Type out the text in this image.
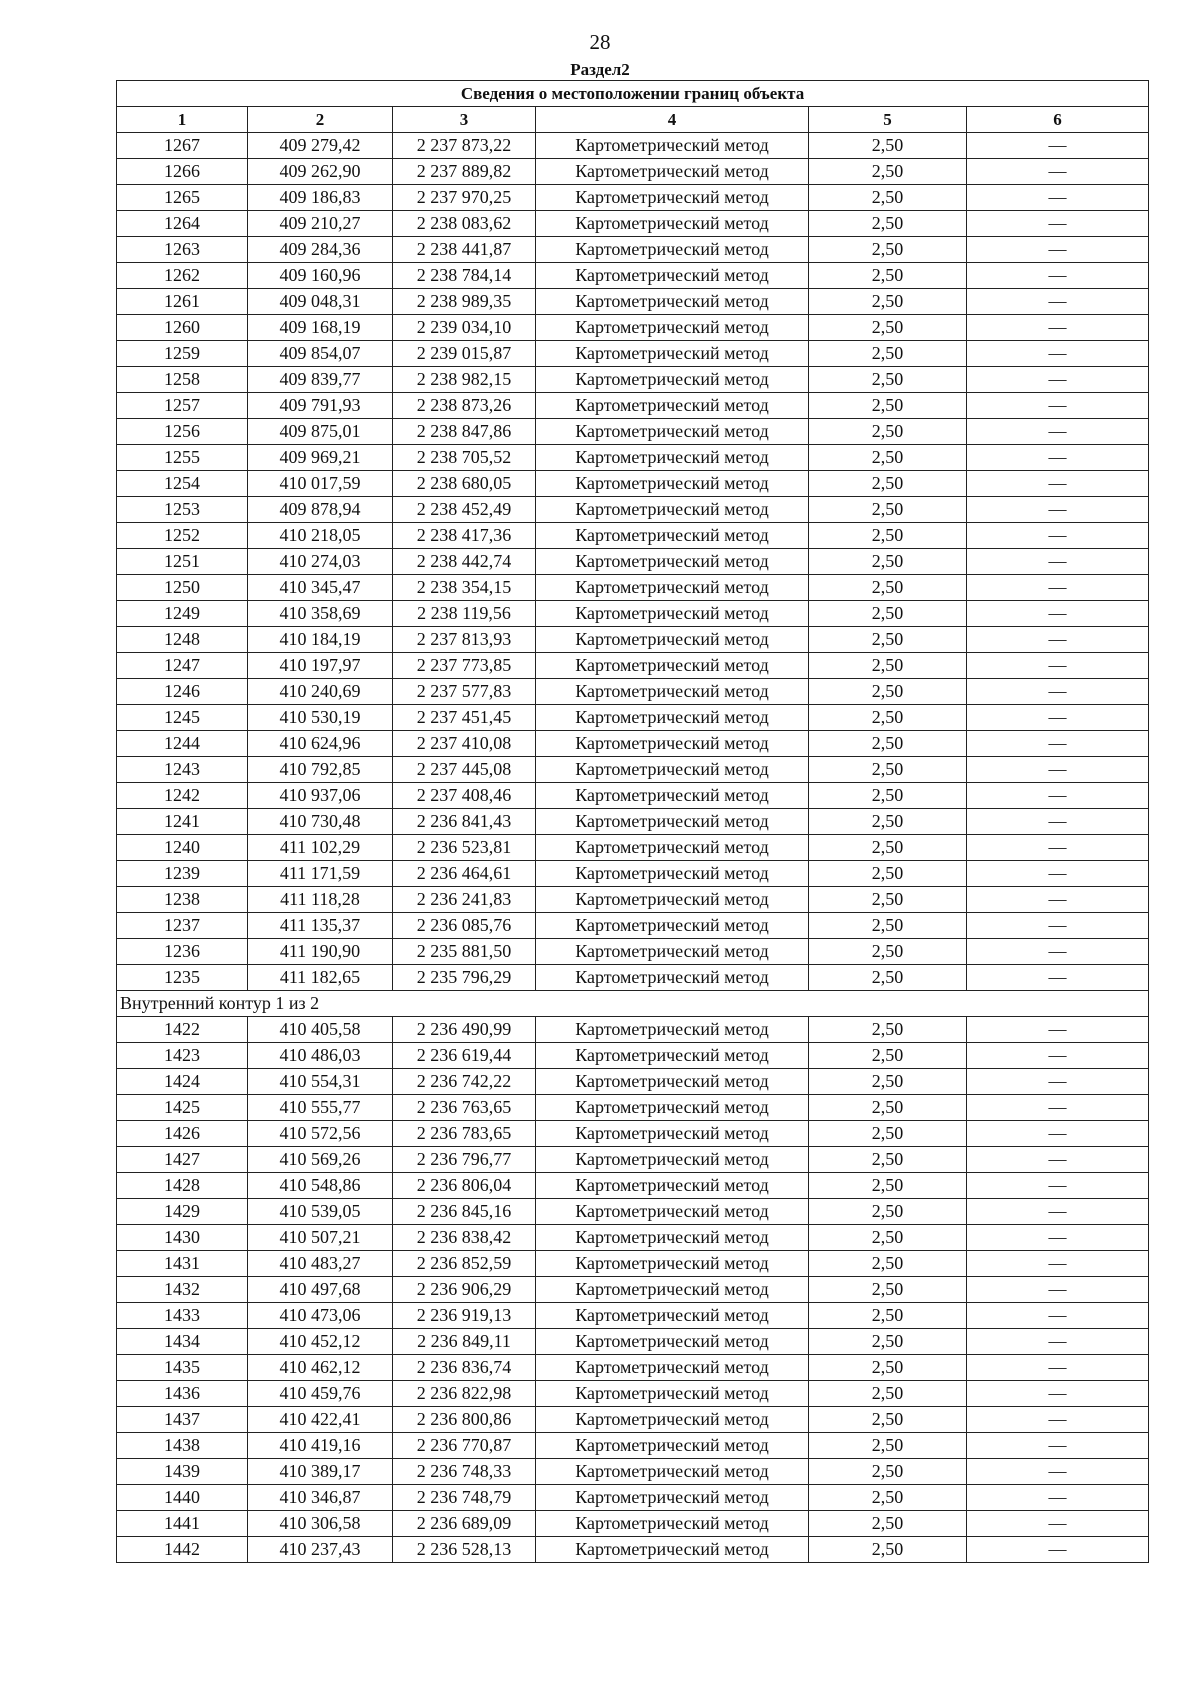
28
Раздел2
Сведения о местоположении границ объекта					
1	2	3	4	5	6
1267	409 279,42	2 237 873,22	Картометрический метод	2,50	—
1266	409 262,90	2 237 889,82	Картометрический метод	2,50	—
1265	409 186,83	2 237 970,25	Картометрический метод	2,50	—
1264	409 210,27	2 238 083,62	Картометрический метод	2,50	—
1263	409 284,36	2 238 441,87	Картометрический метод	2,50	—
1262	409 160,96	2 238 784,14	Картометрический метод	2,50	—
1261	409 048,31	2 238 989,35	Картометрический метод	2,50	—
1260	409 168,19	2 239 034,10	Картометрический метод	2,50	—
1259	409 854,07	2 239 015,87	Картометрический метод	2,50	—
1258	409 839,77	2 238 982,15	Картометрический метод	2,50	—
1257	409 791,93	2 238 873,26	Картометрический метод	2,50	—
1256	409 875,01	2 238 847,86	Картометрический метод	2,50	—
1255	409 969,21	2 238 705,52	Картометрический метод	2,50	—
1254	410 017,59	2 238 680,05	Картометрический метод	2,50	—
1253	409 878,94	2 238 452,49	Картометрический метод	2,50	—
1252	410 218,05	2 238 417,36	Картометрический метод	2,50	—
1251	410 274,03	2 238 442,74	Картометрический метод	2,50	—
1250	410 345,47	2 238 354,15	Картометрический метод	2,50	—
1249	410 358,69	2 238 119,56	Картометрический метод	2,50	—
1248	410 184,19	2 237 813,93	Картометрический метод	2,50	—
1247	410 197,97	2 237 773,85	Картометрический метод	2,50	—
1246	410 240,69	2 237 577,83	Картометрический метод	2,50	—
1245	410 530,19	2 237 451,45	Картометрический метод	2,50	—
1244	410 624,96	2 237 410,08	Картометрический метод	2,50	—
1243	410 792,85	2 237 445,08	Картометрический метод	2,50	—
1242	410 937,06	2 237 408,46	Картометрический метод	2,50	—
1241	410 730,48	2 236 841,43	Картометрический метод	2,50	—
1240	411 102,29	2 236 523,81	Картометрический метод	2,50	—
1239	411 171,59	2 236 464,61	Картометрический метод	2,50	—
1238	411 118,28	2 236 241,83	Картометрический метод	2,50	—
1237	411 135,37	2 236 085,76	Картометрический метод	2,50	—
1236	411 190,90	2 235 881,50	Картометрический метод	2,50	—
1235	411 182,65	2 235 796,29	Картометрический метод	2,50	—
Внутренний контур 1 из 2					
1422	410 405,58	2 236 490,99	Картометрический метод	2,50	—
1423	410 486,03	2 236 619,44	Картометрический метод	2,50	—
1424	410 554,31	2 236 742,22	Картометрический метод	2,50	—
1425	410 555,77	2 236 763,65	Картометрический метод	2,50	—
1426	410 572,56	2 236 783,65	Картометрический метод	2,50	—
1427	410 569,26	2 236 796,77	Картометрический метод	2,50	—
1428	410 548,86	2 236 806,04	Картометрический метод	2,50	—
1429	410 539,05	2 236 845,16	Картометрический метод	2,50	—
1430	410 507,21	2 236 838,42	Картометрический метод	2,50	—
1431	410 483,27	2 236 852,59	Картометрический метод	2,50	—
1432	410 497,68	2 236 906,29	Картометрический метод	2,50	—
1433	410 473,06	2 236 919,13	Картометрический метод	2,50	—
1434	410 452,12	2 236 849,11	Картометрический метод	2,50	—
1435	410 462,12	2 236 836,74	Картометрический метод	2,50	—
1436	410 459,76	2 236 822,98	Картометрический метод	2,50	—
1437	410 422,41	2 236 800,86	Картометрический метод	2,50	—
1438	410 419,16	2 236 770,87	Картометрический метод	2,50	—
1439	410 389,17	2 236 748,33	Картометрический метод	2,50	—
1440	410 346,87	2 236 748,79	Картометрический метод	2,50	—
1441	410 306,58	2 236 689,09	Картометрический метод	2,50	—
1442	410 237,43	2 236 528,13	Картометрический метод	2,50	—
